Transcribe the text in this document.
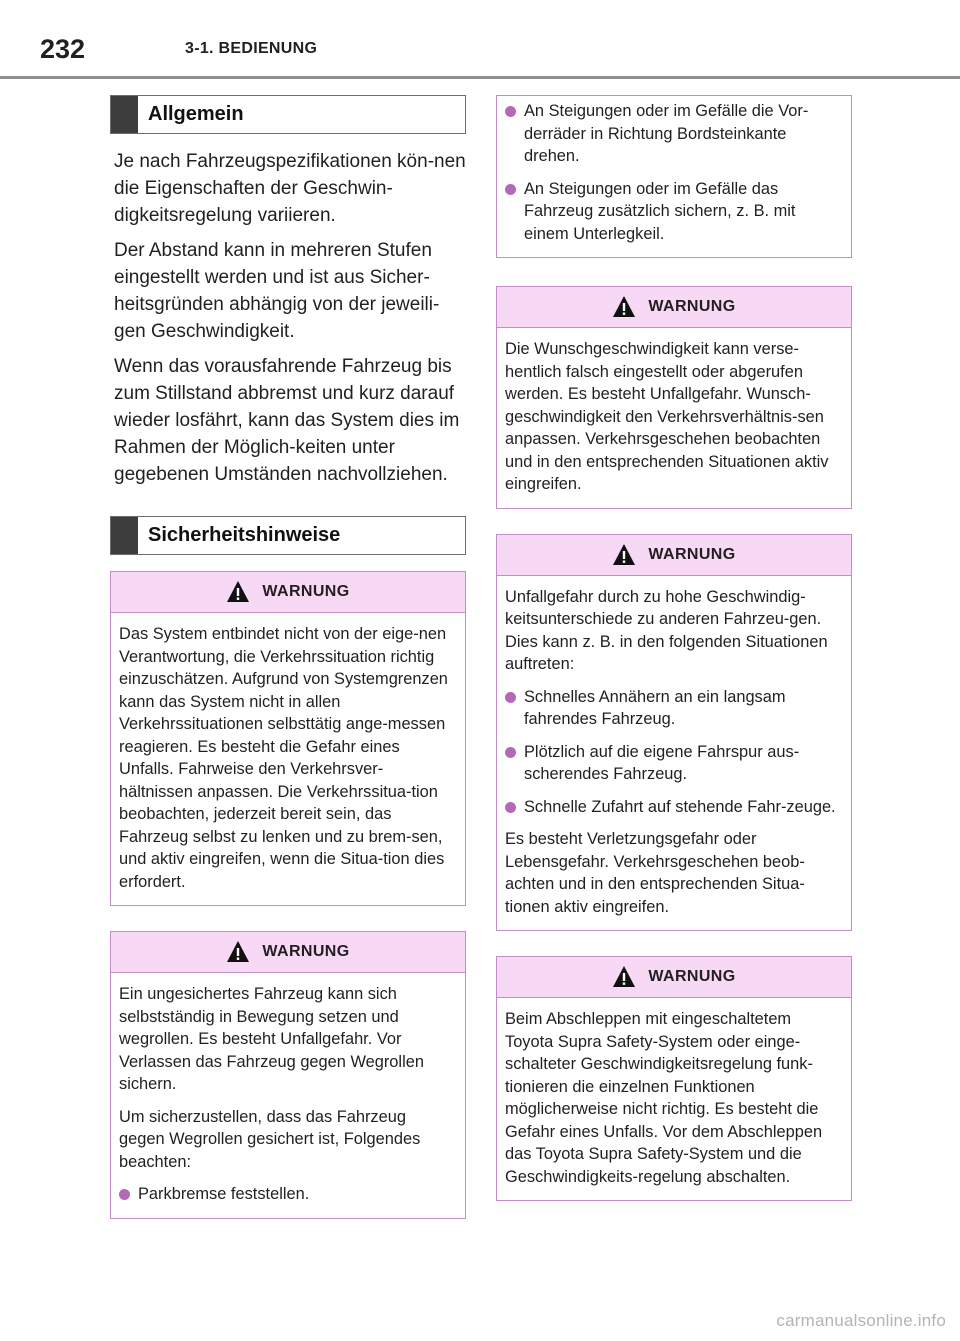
232	3-1. BEDIENUNG
Allgemein

Je nach Fahrzeugspezifikationen kön-nen die Eigenschaften der Geschwin-digkeitsregelung variieren.

Der Abstand kann in mehreren Stufen eingestellt werden und ist aus Sicher-heitsgründen abhängig von der jeweili-gen Geschwindigkeit.

Wenn das vorausfahrende Fahrzeug bis zum Stillstand abbremst und kurz darauf wieder losfährt, kann das System dies im Rahmen der Möglich-keiten unter gegebenen Umständen nachvollziehen.

Sicherheitshinweise
WARNUNG

Das System entbindet nicht von der eige-nen Verantwortung, die Verkehrssituation richtig einzuschätzen. Aufgrund von Systemgrenzen kann das System nicht in allen Verkehrssituationen selbsttätig ange-messen reagieren. Es besteht die Gefahr eines Unfalls. Fahrweise den Verkehrsver-hältnissen anpassen. Die Verkehrssitua-tion beobachten, jederzeit bereit sein, das Fahrzeug selbst zu lenken und zu brem-sen, und aktiv eingreifen, wenn die Situa-tion dies erfordert.

WARNUNG

Ein ungesichertes Fahrzeug kann sich selbstständig in Bewegung setzen und wegrollen. Es besteht Unfallgefahr. Vor Verlassen das Fahrzeug gegen Wegrollen sichern.

Um sicherzustellen, dass das Fahrzeug gegen Wegrollen gesichert ist, Folgendes beachten:

Parkbremse feststellen.
An Steigungen oder im Gefälle die Vor-derräder in Richtung Bordsteinkante drehen.
An Steigungen oder im Gefälle das Fahrzeug zusätzlich sichern, z. B. mit einem Unterlegkeil.
WARNUNG

Die Wunschgeschwindigkeit kann verse-hentlich falsch eingestellt oder abgerufen werden. Es besteht Unfallgefahr. Wunsch-geschwindigkeit den Verkehrsverhältnis-sen anpassen. Verkehrsgeschehen beobachten und in den entsprechenden Situationen aktiv eingreifen.

WARNUNG

Unfallgefahr durch zu hohe Geschwindig-keitsunterschiede zu anderen Fahrzeu-gen. Dies kann z. B. in den folgenden Situationen auftreten:

Schnelles Annähern an ein langsam fahrendes Fahrzeug.
Plötzlich auf die eigene Fahrspur aus-scherendes Fahrzeug.
Schnelle Zufahrt auf stehende Fahr-zeuge.

Es besteht Verletzungsgefahr oder Lebensgefahr. Verkehrsgeschehen beob-achten und in den entsprechenden Situa-tionen aktiv eingreifen.

WARNUNG

Beim Abschleppen mit eingeschaltetem Toyota Supra Safety-System oder einge-schalteter Geschwindigkeitsregelung funk-tionieren die einzelnen Funktionen möglicherweise nicht richtig. Es besteht die Gefahr eines Unfalls. Vor dem Abschleppen das Toyota Supra Safety-System und die Geschwindigkeits-regelung abschalten.

carmanualsonline.info
